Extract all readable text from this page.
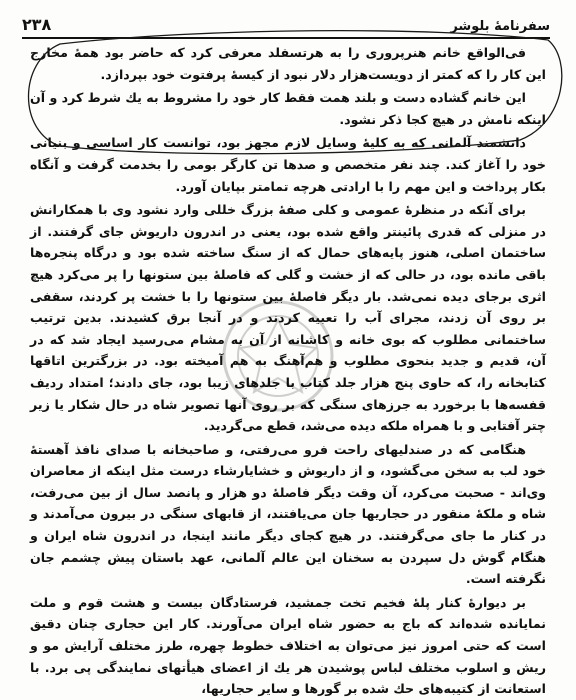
سفرنامهٔ بلوشر
٢٣٨

فی‌الواقع خانم هنرپروری را به هرتسفلد معرفی کرد که حاضر بود همهٔ مخارج این کار را که کمتر از دویست‌هزار دلار نبود از کیسهٔ پرفتوت خود بپردازد.

این خانم گشاده دست و بلند همت فقط کار خود را مشروط به یك شرط کرد و آن اینکه نامش در هیچ کجا ذکر نشود.

دانشمند آلمانی که به کلیهٔ وسایل لازم مجهز بود، توانست کار اساسی و بنیانی خود را آغاز کند. چند نفر متخصص و صدها تن کارگر بومی را بخدمت گرفت و آنگاه بکار پرداخت و این مهم را با ارادتی هرچه تمامتر بپایان آورد.

برای آنکه در منظرهٔ عمومی و کلی صفهٔ بزرگ خللی وارد نشود وی با همکارانش در منزلی که قدری پائینتر واقع شده بود، یعنی در اندرون داریوش جای گرفتند. از ساختمان اصلی، هنوز پایه‌های حمال که از سنگ ساخته شده بود و درگاه پنجره‌ها باقی مانده بود، در حالی که از خشت و گلی که فاصلهٔ بین ستونها را پر می‌کرد هیچ اثری برجای دیده نمی‌شد. بار دیگر فاصلهٔ بین ستونها را با خشت پر کردند، سقفی بر روی آن زدند، مجرای آب را تعبیه کردند و در آنجا برق کشیدند. بدین ترتیب ساختمانی مطلوب که بوی خانه و کاشانه از آن به مشام می‌رسید ایجاد شد که در آن، قدیم و جدید بنحوی مطلوب و هم‌آهنگ به هم آمیخته بود. در بزرگترین اتاقها کتابخانه را، که حاوی پنج هزار جلد کتاب با جلدهای زیبا بود، جای دادند؛ امتداد ردیف قفسه‌ها با برخورد به جرزهای سنگی که بر روی آنها تصویر شاه در حال شکار یا زیر چتر آفتابی و با همراه ملکه دیده می‌شد، قطع می‌گردید.

هنگامی که در صندلیهای راحت فرو می‌رفتی، و صاحبخانه با صدای نافذ آهستهٔ خود لب به سخن می‌گشود، و از داریوش و خشایارشاء درست مثل اینکه از معاصران وی‌اند - صحبت می‌کرد، آن وقت دیگر فاصلهٔ دو هزار و پانصد سال از بین می‌رفت، شاه و ملکهٔ منقور در حجاریها جان می‌یافتند، از قابهای سنگی در بیرون می‌آمدند و در کنار ما جای می‌گرفتند. در هیچ کجای دیگر مانند اینجا، در اندرون شاه ایران و هنگام گوش دل سپردن به سخنان این عالم آلمانی، عهد باستان پیش چشمم جان نگرفته است.

بر دیوارهٔ کنار پلهٔ فخیم تخت جمشید، فرستادگان بیست و هشت قوم و ملت نمایانده شده‌اند که باج به حضور شاه ایران می‌آورند. کار این حجاری چنان دقیق است که حتی امروز نیز می‌توان به اختلاف خطوط چهره، طرز مختلف آرایش مو و ریش و اسلوب مختلف لباس پوشیدن هر یك از اعضای هیأتهای نمایندگی پی برد. با استعانت از کتیبه‌های حك شده بر گورها و سایر حجاریها،
